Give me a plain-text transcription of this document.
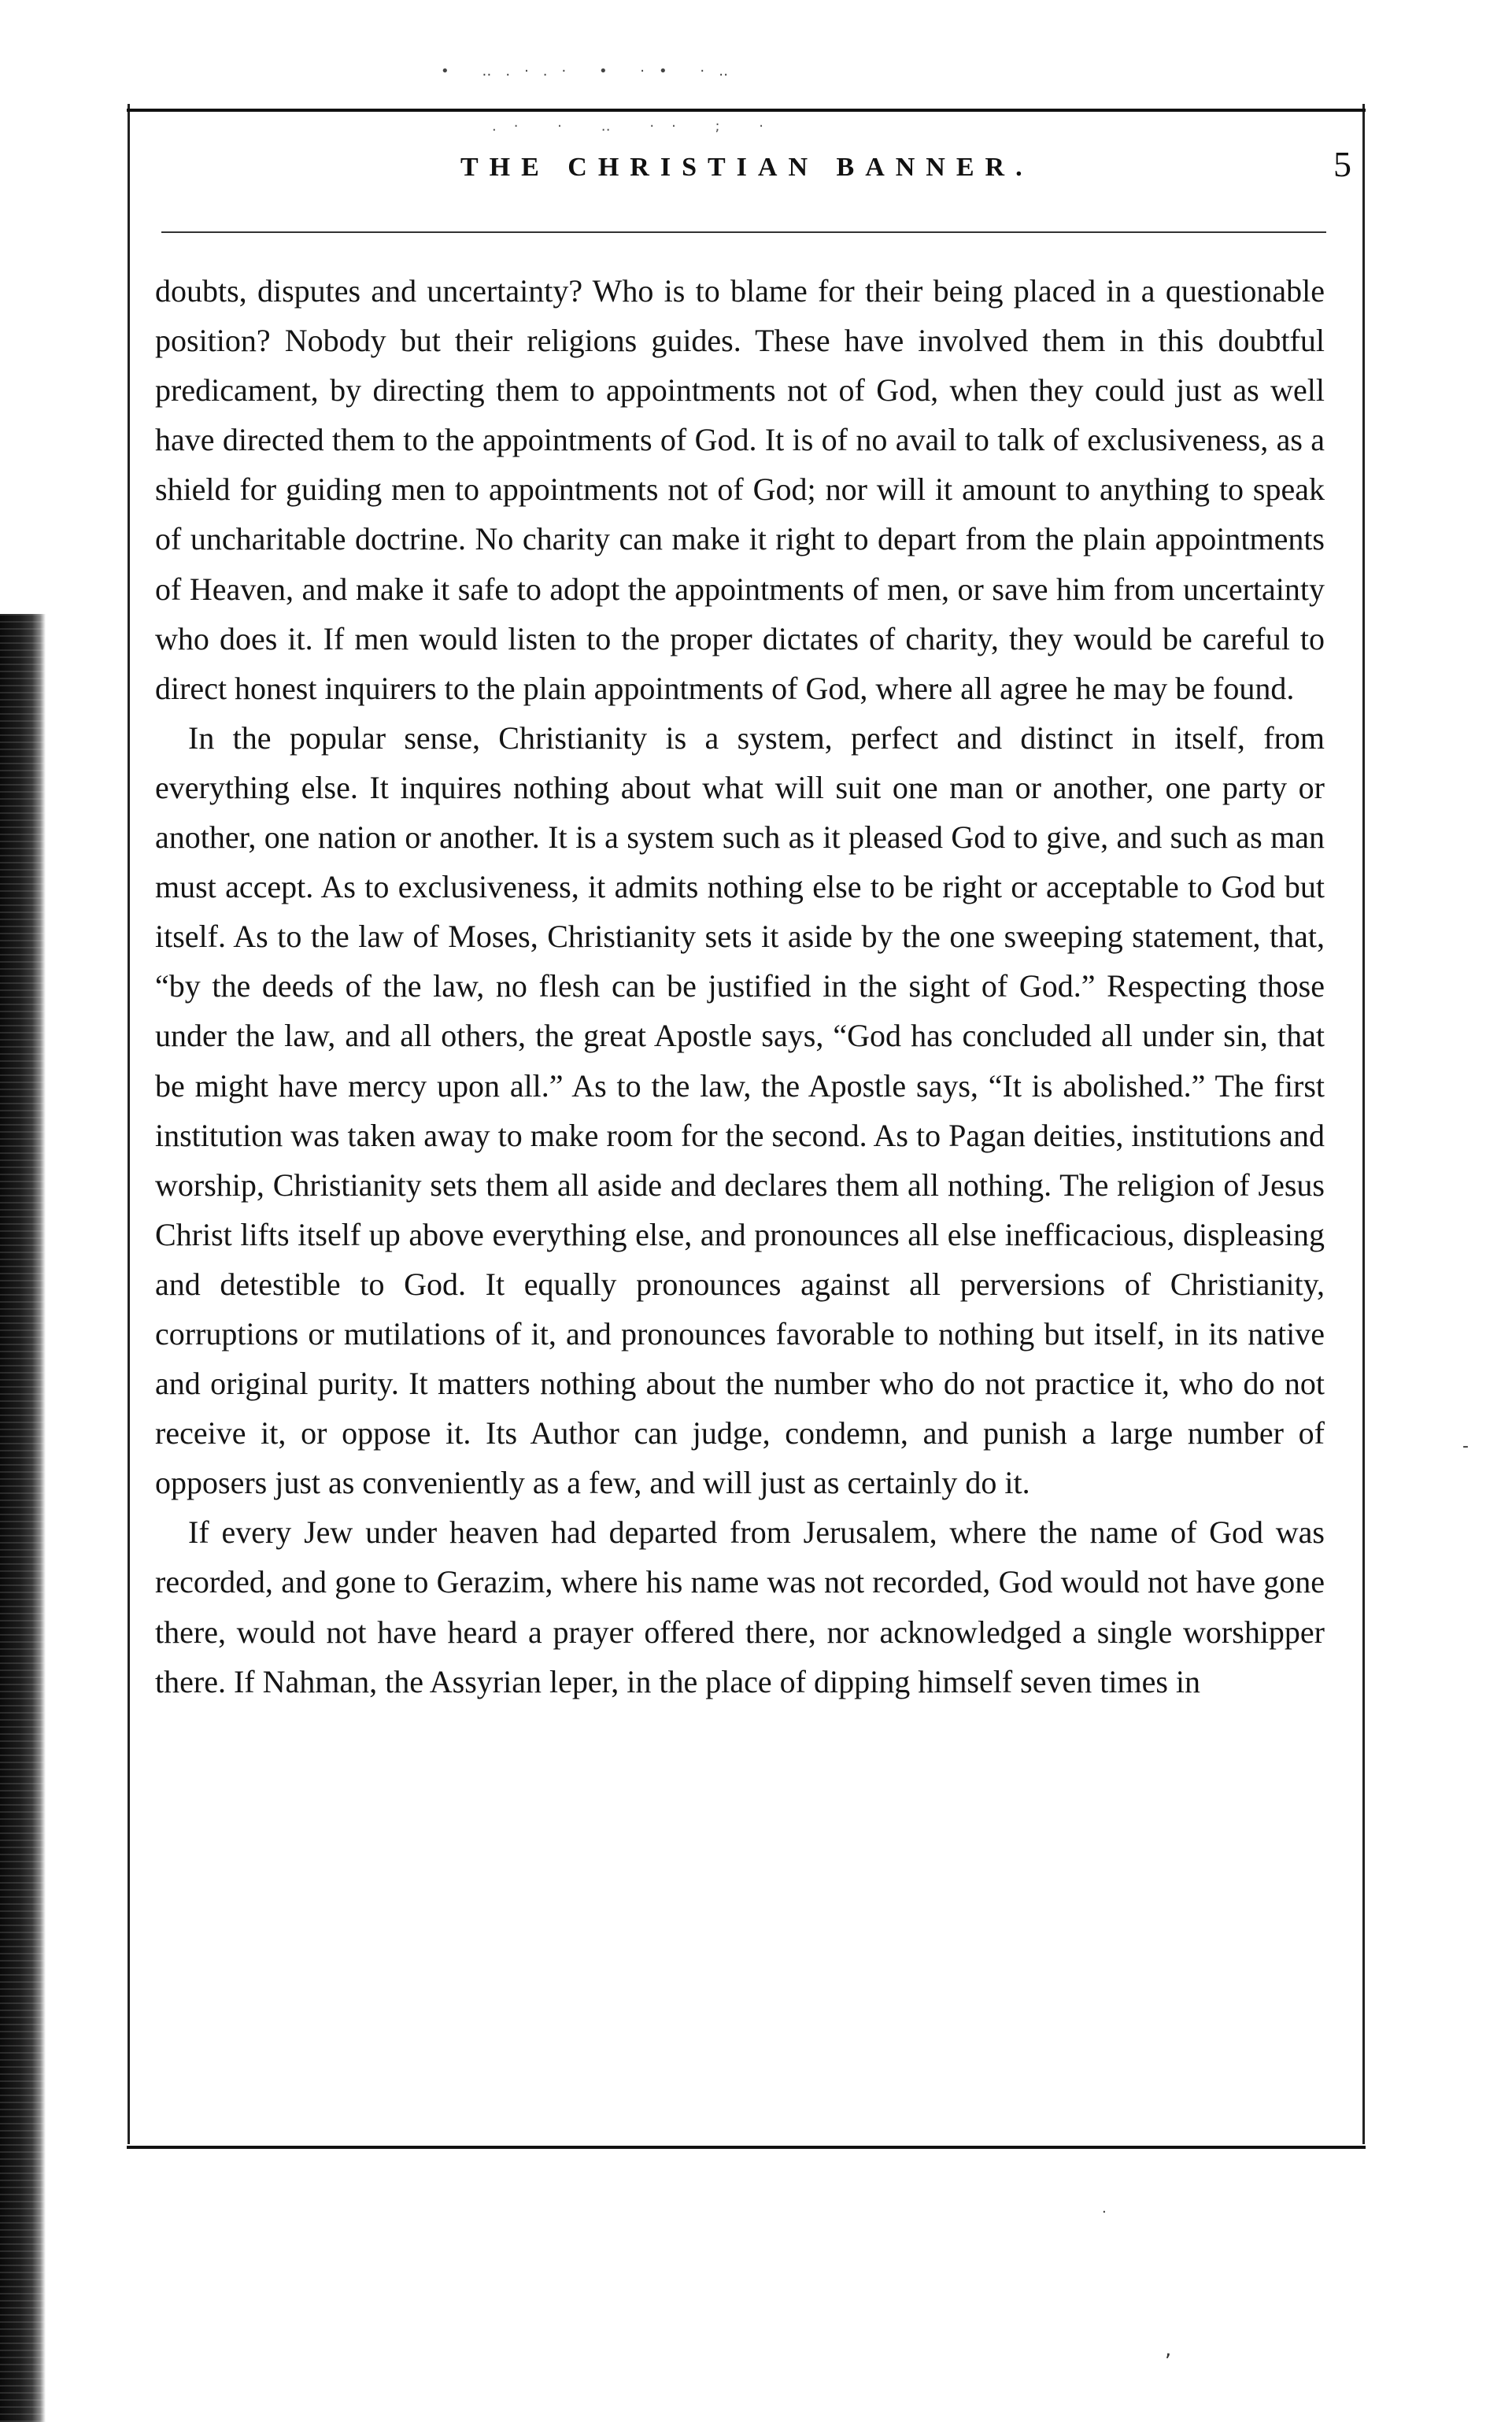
• ‥.·.· • ·• ·‥
.· · ‥ ·· ; ·
THE CHRISTIAN BANNER.	5

doubts, disputes and uncertainty? Who is to blame for their being placed in a questionable position? Nobody but their religions guides. These have involved them in this doubtful predicament, by directing them to appointments not of God, when they could just as well have directed them to the appointments of God. It is of no avail to talk of exclusiveness, as a shield for guiding men to appointments not of God; nor will it amount to anything to speak of uncharitable doctrine. No charity can make it right to depart from the plain appointments of Heaven, and make it safe to adopt the appointments of men, or save him from uncertainty who does it. If men would listen to the proper dictates of charity, they would be careful to direct honest inquirers to the plain appointments of God, where all agree he may be found.

In the popular sense, Christianity is a system, perfect and distinct in itself, from everything else. It inquires nothing about what will suit one man or another, one party or another, one nation or another. It is a system such as it pleased God to give, and such as man must accept. As to exclusiveness, it admits nothing else to be right or acceptable to God but itself. As to the law of Moses, Christianity sets it aside by the one sweeping statement, that, “by the deeds of the law, no flesh can be justified in the sight of God.” Respecting those under the law, and all others, the great Apostle says, “God has concluded all under sin, that be might have mercy upon all.” As to the law, the Apostle says, “It is abolished.” The first institution was taken away to make room for the second. As to Pagan deities, institutions and worship, Christianity sets them all aside and declares them all nothing. The religion of Jesus Christ lifts itself up above everything else, and pronounces all else inefficacious, displeasing and detestible to God. It equally pronounces against all perversions of Christianity, corruptions or mutilations of it, and pronounces favorable to nothing but itself, in its native and original purity. It matters nothing about the number who do not practice it, who do not receive it, or oppose it. Its Author can judge, condemn, and punish a large number of opposers just as conveniently as a few, and will just as certainly do it.

If every Jew under heaven had departed from Jerusalem, where the name of God was recorded, and gone to Gerazim, where his name was not recorded, God would not have gone there, would not have heard a prayer offered there, nor acknowledged a single worshipper there. If Nahman, the Assyrian leper, in the place of dipping himself seven times in

-
·
,
